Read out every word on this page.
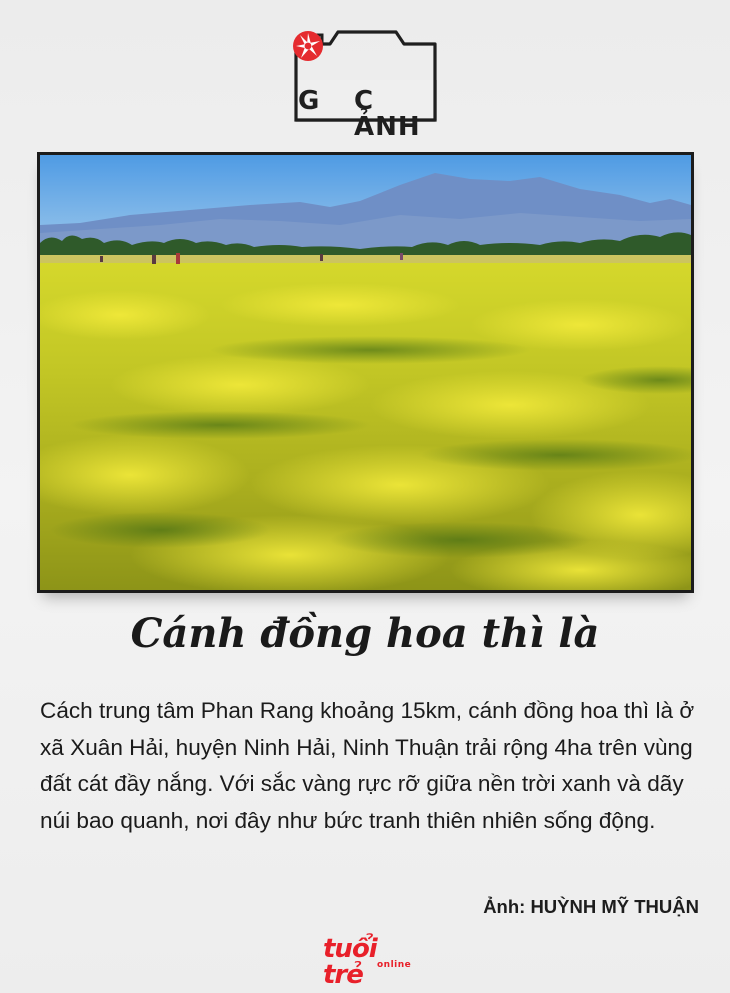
G C ẢNH
Cánh đồng hoa thì là

Cách trung tâm Phan Rang khoảng 15km, cánh đồng hoa thì là ở xã Xuân Hải, huyện Ninh Hải, Ninh Thuận trải rộng 4ha trên vùng đất cát đầy nắng. Với sắc vàng rực rỡ giữa nền trời xanh và dãy núi bao quanh, nơi đây như bức tranh thiên nhiên sống động.

Ảnh: HUỲNH MỸ THUẬN
tuổi trẻ	online
